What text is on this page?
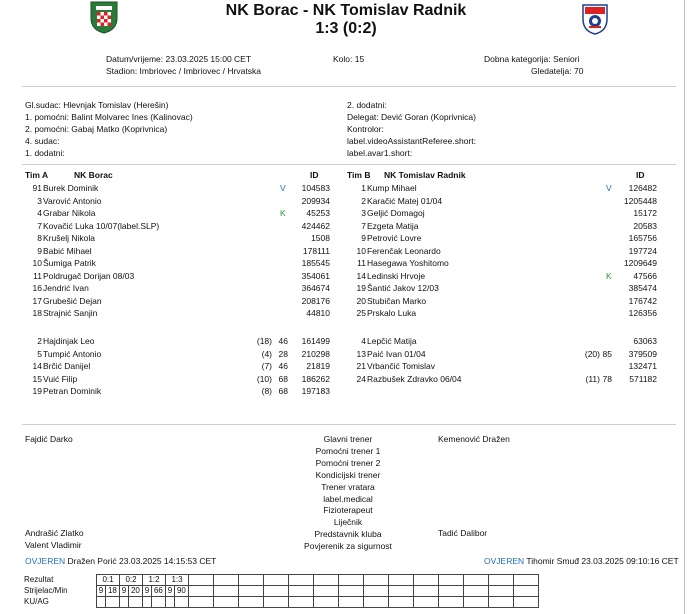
NK Borac - NK Tomislav Radnik
1:3 (0:2)
Datum/vrijeme: 23.03.2025 15:00 CET
Stadion: Imbriovec / Imbriovec / Hrvatska
Kolo: 15	Dobna kategorija: Seniori
Gledatelja: 70
Gl.sudac: Hlevnjak Tomislav (Herešin)
1. pomoćni: Balint Molvarec Ines (Kalinovac)
2. pomoćni: Gabaj Matko (Koprivnica)
4. sudac:
1. dodatni:
2. dodatni:
Delegat: Dević Goran (Koprivnica)
Kontrolor:
label.videoAssistantReferee.short:
label.avar1.short:
Tim A	NK Borac	ID	Tim B NK Tomislav Radnik	ID
91 Burek Dominik	V	104583
3 Varović Antonio	209934
4 Grabar Nikola	K	45253
7 Kovačić Luka 10/07(label.SLP)	424462
8 Krušelj Nikola	1508
9 Babić Mihael	178111
10 Šumiga Patrik	185545
11 Poldrugač Dorijan 08/03	354061
16 Jendrić Ivan	364674
17 Grubešić Dejan	208176
18 Strajnić Sanjin	44810
2 Hajdinjak Leo	(18) 46	161499
5 Tumpić Antonio	(4) 28	210298
14 Brčić Danijel	(7) 46	21819
15 Vuić Filip	(10) 68	186262
19 Petran Dominik	(8) 68	197183
1 Kump Mihael	V	126482
2 Karačić Matej 01/04	1205448
3 Geljić Domagoj	15172
7 Ezgeta Matija	20583
9 Petrović Lovre	165756
10 Ferenčak Leonardo	197724
11 Hasegawa Yoshitomo	1209649
14 Ledinski Hrvoje	K	47566
19 Šantić Jakov 12/03	385474
20 Stubičan Marko	176742
25 Prskalo Luka	126356
4 Lepčić Matija	63063
13 Paić Ivan 01/04	(20) 85	379509
21 Vrbančić Tomislav	132471
24 Razbušek Zdravko 06/04	(11) 78	571182
Fajdić Darko	Kemenović Dražen
Glavni trener
Pomoćni trener 1
Pomoćni trener 2
Kondicijski trener
Trener vratara
label.medical
Fizioterapeut
Liječnik
Predstavnik kluba
Povjerenik za sigurnost
Andrašić Zlatko	Tadić Dalibor
Valent Vladimir
OVJEREN Dražen Porić 23.03.2025 14:15:53 CET	OVJEREN Tihomir Smuđ 23.03.2025 09:10:16 CET
Rezultat	0:1		0:2		1:2		1:3															
Strijelac/Min	9	18	9	20	9	66	9	90														
KU/AG																						
